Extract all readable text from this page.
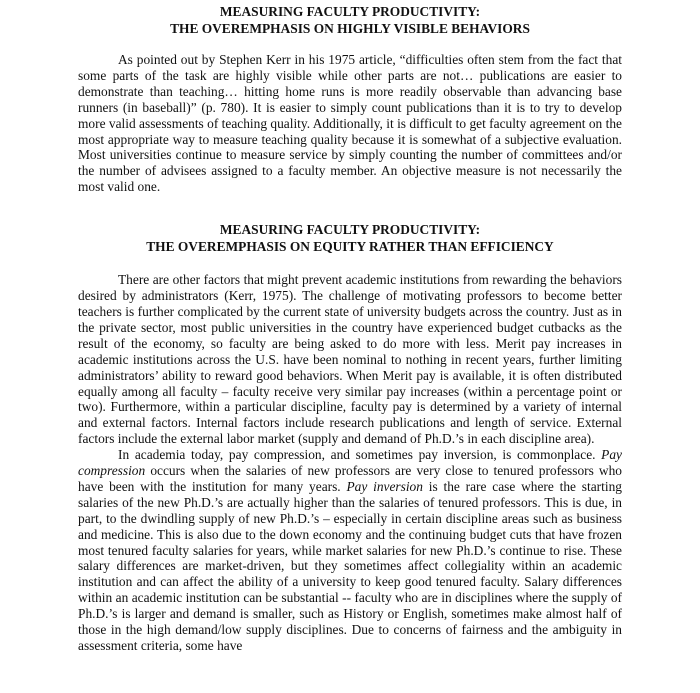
MEASURING FACULTY PRODUCTIVITY:
THE OVEREMPHASIS ON HIGHLY VISIBLE BEHAVIORS

As pointed out by Stephen Kerr in his 1975 article, “difficulties often stem from the fact that some parts of the task are highly visible while other parts are not… publications are easier to demonstrate than teaching… hitting home runs is more readily observable than advancing base runners (in baseball)” (p. 780). It is easier to simply count publications than it is to try to develop more valid assessments of teaching quality. Additionally, it is difficult to get faculty agreement on the most appropriate way to measure teaching quality because it is somewhat of a subjective evaluation. Most universities continue to measure service by simply counting the number of committees and/or the number of advisees assigned to a faculty member. An objective measure is not necessarily the most valid one.

MEASURING FACULTY PRODUCTIVITY:
THE OVEREMPHASIS ON EQUITY RATHER THAN EFFICIENCY

There are other factors that might prevent academic institutions from rewarding the behaviors desired by administrators (Kerr, 1975). The challenge of motivating professors to become better teachers is further complicated by the current state of university budgets across the country. Just as in the private sector, most public universities in the country have experienced budget cutbacks as the result of the economy, so faculty are being asked to do more with less. Merit pay increases in academic institutions across the U.S. have been nominal to nothing in recent years, further limiting administrators’ ability to reward good behaviors. When Merit pay is available, it is often distributed equally among all faculty – faculty receive very similar pay increases (within a percentage point or two). Furthermore, within a particular discipline, faculty pay is determined by a variety of internal and external factors. Internal factors include research publications and length of service. External factors include the external labor market (supply and demand of Ph.D.’s in each discipline area).

In academia today, pay compression, and sometimes pay inversion, is commonplace. Pay compression occurs when the salaries of new professors are very close to tenured professors who have been with the institution for many years. Pay inversion is the rare case where the starting salaries of the new Ph.D.’s are actually higher than the salaries of tenured professors. This is due, in part, to the dwindling supply of new Ph.D.’s – especially in certain discipline areas such as business and medicine. This is also due to the down economy and the continuing budget cuts that have frozen most tenured faculty salaries for years, while market salaries for new Ph.D.’s continue to rise. These salary differences are market-driven, but they sometimes affect collegiality within an academic institution and can affect the ability of a university to keep good tenured faculty. Salary differences within an academic institution can be substantial -- faculty who are in disciplines where the supply of Ph.D.’s is larger and demand is smaller, such as History or English, sometimes make almost half of those in the high demand/low supply disciplines. Due to concerns of fairness and the ambiguity in assessment criteria, some have
